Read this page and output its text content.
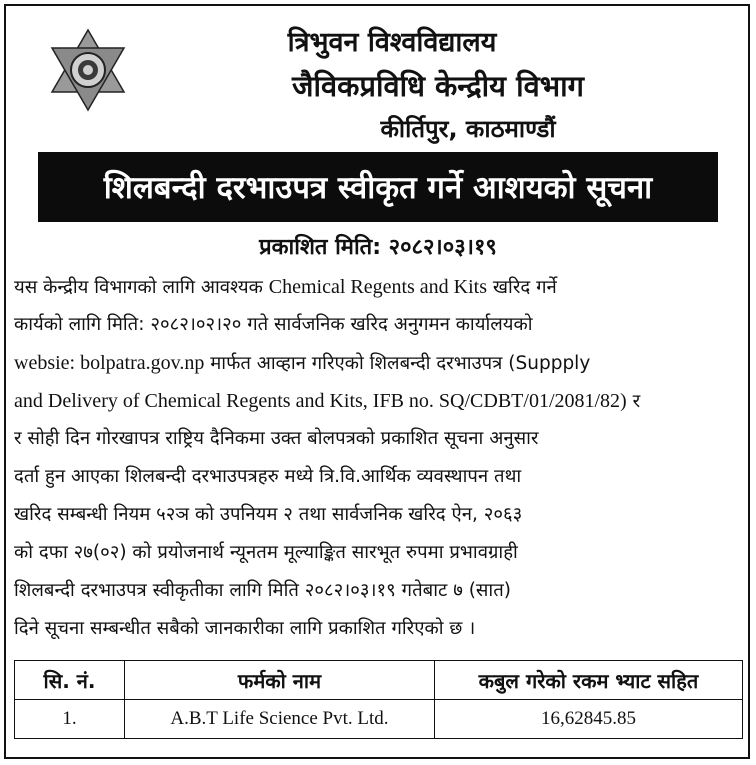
त्रिभुवन विश्वविद्यालय
जैविकप्रविधि केन्द्रीय विभाग
कीर्तिपुर, काठमाण्डौं
शिलबन्दी दरभाउपत्र स्वीकृत गर्ने आशयको सूचना
प्रकाशित मिति: २०८२।०३।१९
यस केन्द्रीय विभागको लागि आवश्यक Chemical Regents and Kits खरिद गर्ने
कार्यको लागि मिति: २०८२।०२।२० गते सार्वजनिक खरिद अनुगमन कार्यालयको
websie: bolpatra.gov.np मार्फत आव्हान गरिएको शिलबन्दी दरभाउपत्र (Suppply
and Delivery of Chemical Regents and Kits, IFB no. SQ/CDBT/01/2081/82) र
र सोही दिन गोरखापत्र राष्ट्रिय दैनिकमा उक्त बोलपत्रको प्रकाशित सूचना अनुसार
दर्ता हुन आएका शिलबन्दी दरभाउपत्रहरु मध्ये त्रि.वि.आर्थिक व्यवस्थापन तथा
खरिद सम्बन्धी नियम ५२ञ को उपनियम २ तथा सार्वजनिक खरिद ऐन, २०६३
को दफा २७(०२) को प्रयोजनार्थ न्यूनतम मूल्याङ्कित सारभूत रुपमा प्रभावग्राही
शिलबन्दी दरभाउपत्र स्वीकृतीका लागि मिति २०८२।०३।१९ गतेबाट ७ (सात)
दिने सूचना सम्बन्धीत सबैको जानकारीका लागि प्रकाशित गरिएको छ ।
सि. नं.	फर्मको नाम	कबुल गरेको रकम भ्याट सहित
1.	A.B.T Life Science Pvt. Ltd.	16,62845.85
